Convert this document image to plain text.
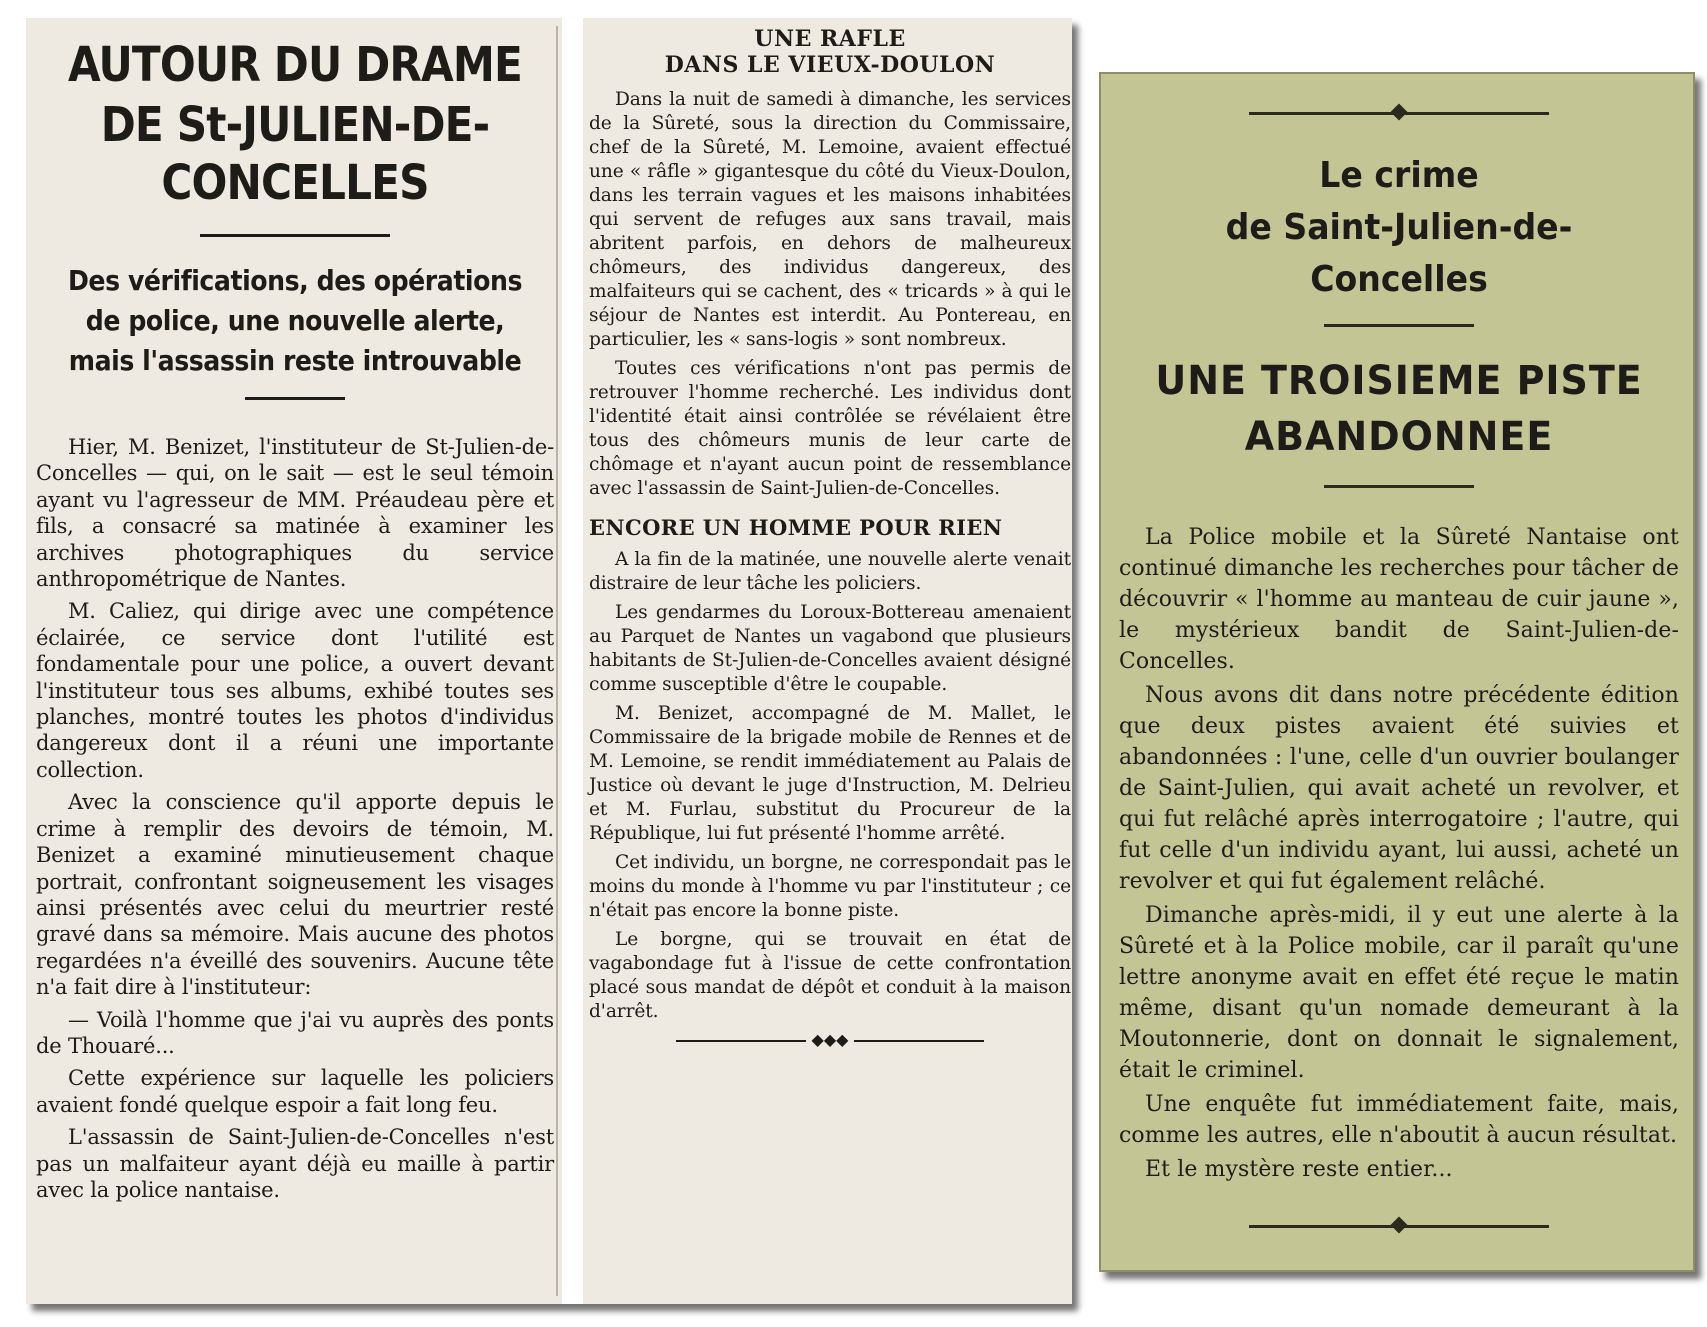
AUTOUR DU DRAME
DE St-JULIEN-DE-CONCELLES
Des vérifications, des opérations
de police, une nouvelle alerte,
mais l'assassin reste introuvable

Hier, M. Benizet, l'instituteur de St-Julien-de-Concelles — qui, on le sait — est le seul témoin ayant vu l'agresseur de MM. Préaudeau père et fils, a consacré sa matinée à examiner les archives photographiques du service anthropométrique de Nantes.

M. Caliez, qui dirige avec une compétence éclairée, ce service dont l'utilité est fondamentale pour une police, a ouvert devant l'instituteur tous ses albums, exhibé toutes ses planches, montré toutes les photos d'individus dangereux dont il a réuni une importante collection.

Avec la conscience qu'il apporte depuis le crime à remplir des devoirs de témoin, M. Benizet a examiné minutieusement chaque portrait, confrontant soigneusement les visages ainsi présentés avec celui du meurtrier resté gravé dans sa mémoire. Mais aucune des photos regardées n'a éveillé des souvenirs. Aucune tête n'a fait dire à l'instituteur:

— Voilà l'homme que j'ai vu auprès des ponts de Thouaré...

Cette expérience sur laquelle les policiers avaient fondé quelque espoir a fait long feu.

L'assassin de Saint-Julien-de-Concelles n'est pas un malfaiteur ayant déjà eu maille à partir avec la police nantaise.

UNE RAFLE
DANS LE VIEUX-DOULON

Dans la nuit de samedi à dimanche, les services de la Sûreté, sous la direction du Commissaire, chef de la Sûreté, M. Lemoine, avaient effectué une « râfle » gigantesque du côté du Vieux-Doulon, dans les terrain vagues et les maisons inhabitées qui servent de refuges aux sans travail, mais abritent parfois, en dehors de malheureux chômeurs, des individus dangereux, des malfaiteurs qui se cachent, des « tricards » à qui le séjour de Nantes est interdit. Au Pontereau, en particulier, les « sans-logis » sont nombreux.

Toutes ces vérifications n'ont pas permis de retrouver l'homme recherché. Les individus dont l'identité était ainsi contrôlée se révélaient être tous des chômeurs munis de leur carte de chômage et n'ayant aucun point de ressemblance avec l'assassin de Saint-Julien-de-Concelles.

ENCORE UN HOMME POUR RIEN

A la fin de la matinée, une nouvelle alerte venait distraire de leur tâche les policiers.

Les gendarmes du Loroux-Bottereau amenaient au Parquet de Nantes un vagabond que plusieurs habitants de St-Julien-de-Concelles avaient désigné comme susceptible d'être le coupable.

M. Benizet, accompagné de M. Mallet, le Commissaire de la brigade mobile de Rennes et de M. Lemoine, se rendit immédiatement au Palais de Justice où devant le juge d'Instruction, M. Delrieu et M. Furlau, substitut du Procureur de la République, lui fut présenté l'homme arrêté.

Cet individu, un borgne, ne correspondait pas le moins du monde à l'homme vu par l'instituteur ; ce n'était pas encore la bonne piste.

Le borgne, qui se trouvait en état de vagabondage fut à l'issue de cette confrontation placé sous mandat de dépôt et conduit à la maison d'arrêt.

◆◆◆
Le crime
de Saint-Julien-de-Concelles
UNE TROISIEME PISTE
ABANDONNEE

La Police mobile et la Sûreté Nantaise ont continué dimanche les recherches pour tâcher de découvrir « l'homme au manteau de cuir jaune », le mystérieux bandit de Saint-Julien-de-Concelles.

Nous avons dit dans notre précédente édition que deux pistes avaient été suivies et abandonnées : l'une, celle d'un ouvrier boulanger de Saint-Julien, qui avait acheté un revolver, et qui fut relâché après interrogatoire ; l'autre, qui fut celle d'un individu ayant, lui aussi, acheté un revolver et qui fut également relâché.

Dimanche après-midi, il y eut une alerte à la Sûreté et à la Police mobile, car il paraît qu'une lettre anonyme avait en effet été reçue le matin même, disant qu'un nomade demeurant à la Moutonnerie, dont on donnait le signalement, était le criminel.

Une enquête fut immédiatement faite, mais, comme les autres, elle n'aboutit à aucun résultat.

Et le mystère reste entier...
